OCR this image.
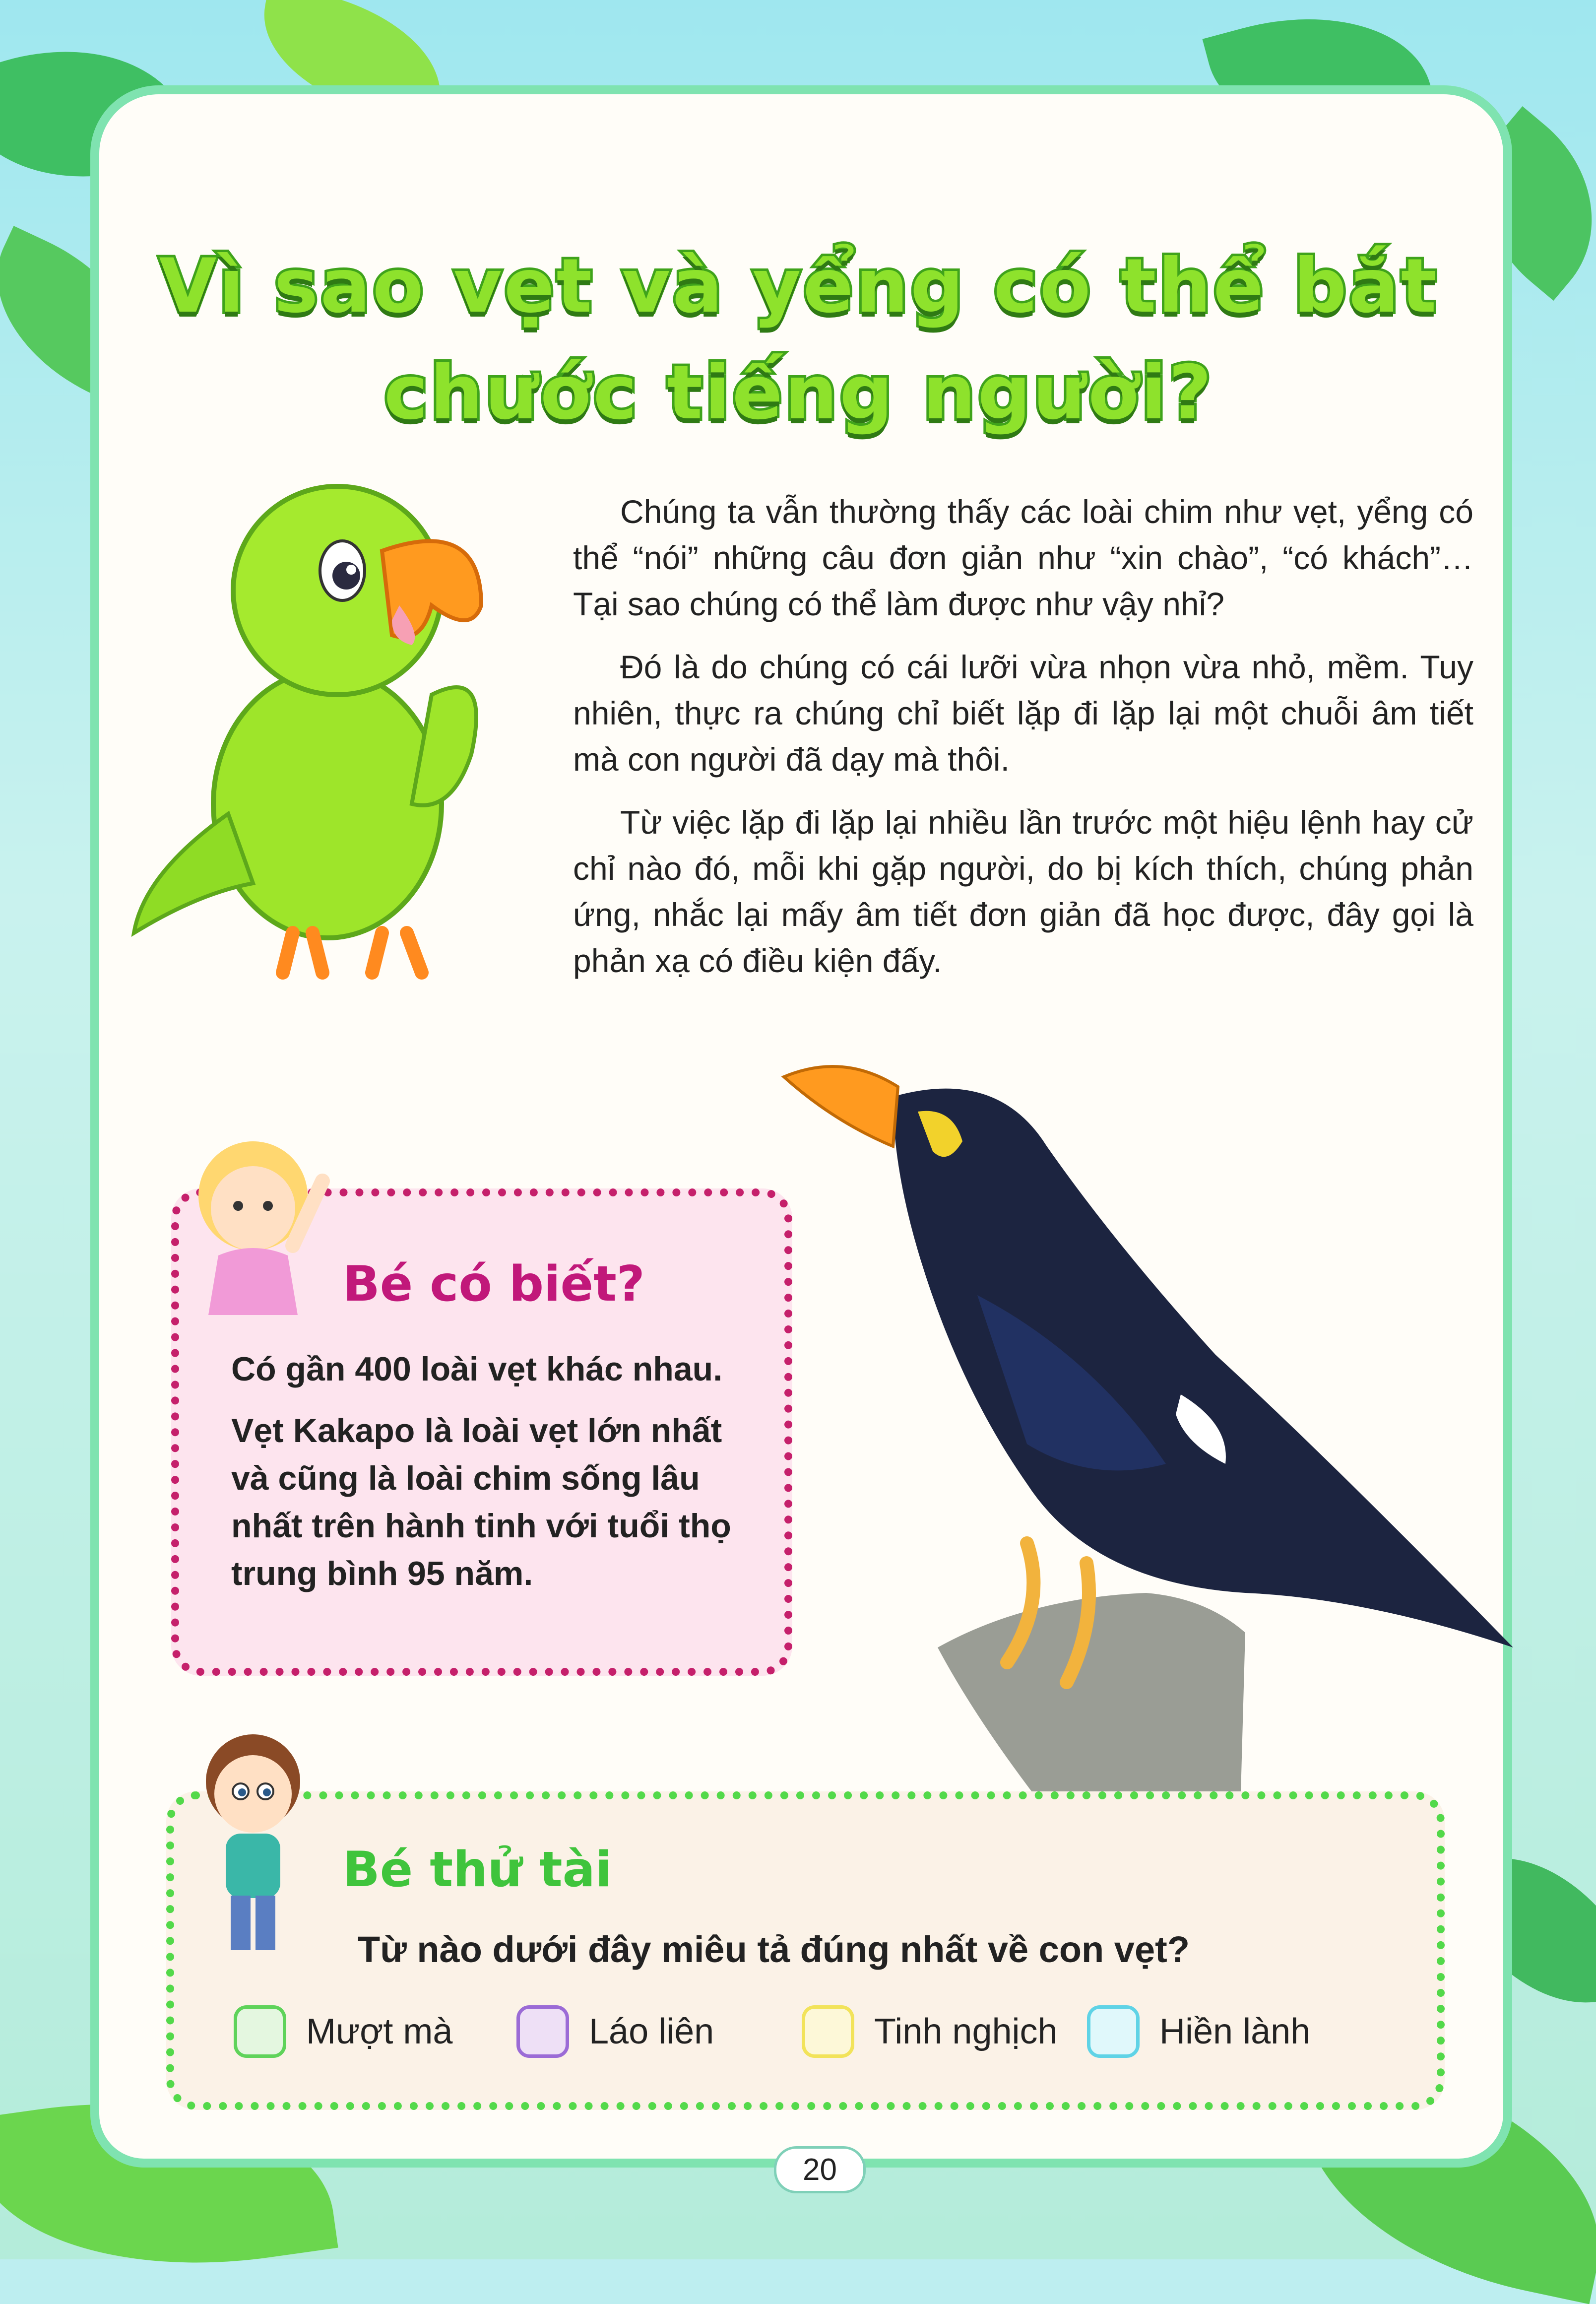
Vì sao vẹt và yểng có thể bắt
chước tiếng người?

Chúng ta vẫn thường thấy các loài chim như vẹt, yểng có thể “nói” những câu đơn giản như “xin chào”, “có khách”… Tại sao chúng có thể làm được như vậy nhỉ?

Đó là do chúng có cái lưỡi vừa nhọn vừa nhỏ, mềm. Tuy nhiên, thực ra chúng chỉ biết lặp đi lặp lại một chuỗi âm tiết mà con người đã dạy mà thôi.

Từ việc lặp đi lặp lại nhiều lần trước một hiệu lệnh hay cử chỉ nào đó, mỗi khi gặp người, do bị kích thích, chúng phản ứng, nhắc lại mấy âm tiết đơn giản đã học được, đây gọi là phản xạ có điều kiện đấy.

Bé có biết?

Có gần 400 loài vẹt khác nhau.

Vẹt Kakapo là loài vẹt lớn nhất và cũng là loài chim sống lâu nhất trên hành tinh với tuổi thọ trung bình 95 năm.

Bé thử tài
Từ nào dưới đây miêu tả đúng nhất về con vẹt?
Mượt mà	Láo liên	Tinh nghịch	Hiền lành
20
